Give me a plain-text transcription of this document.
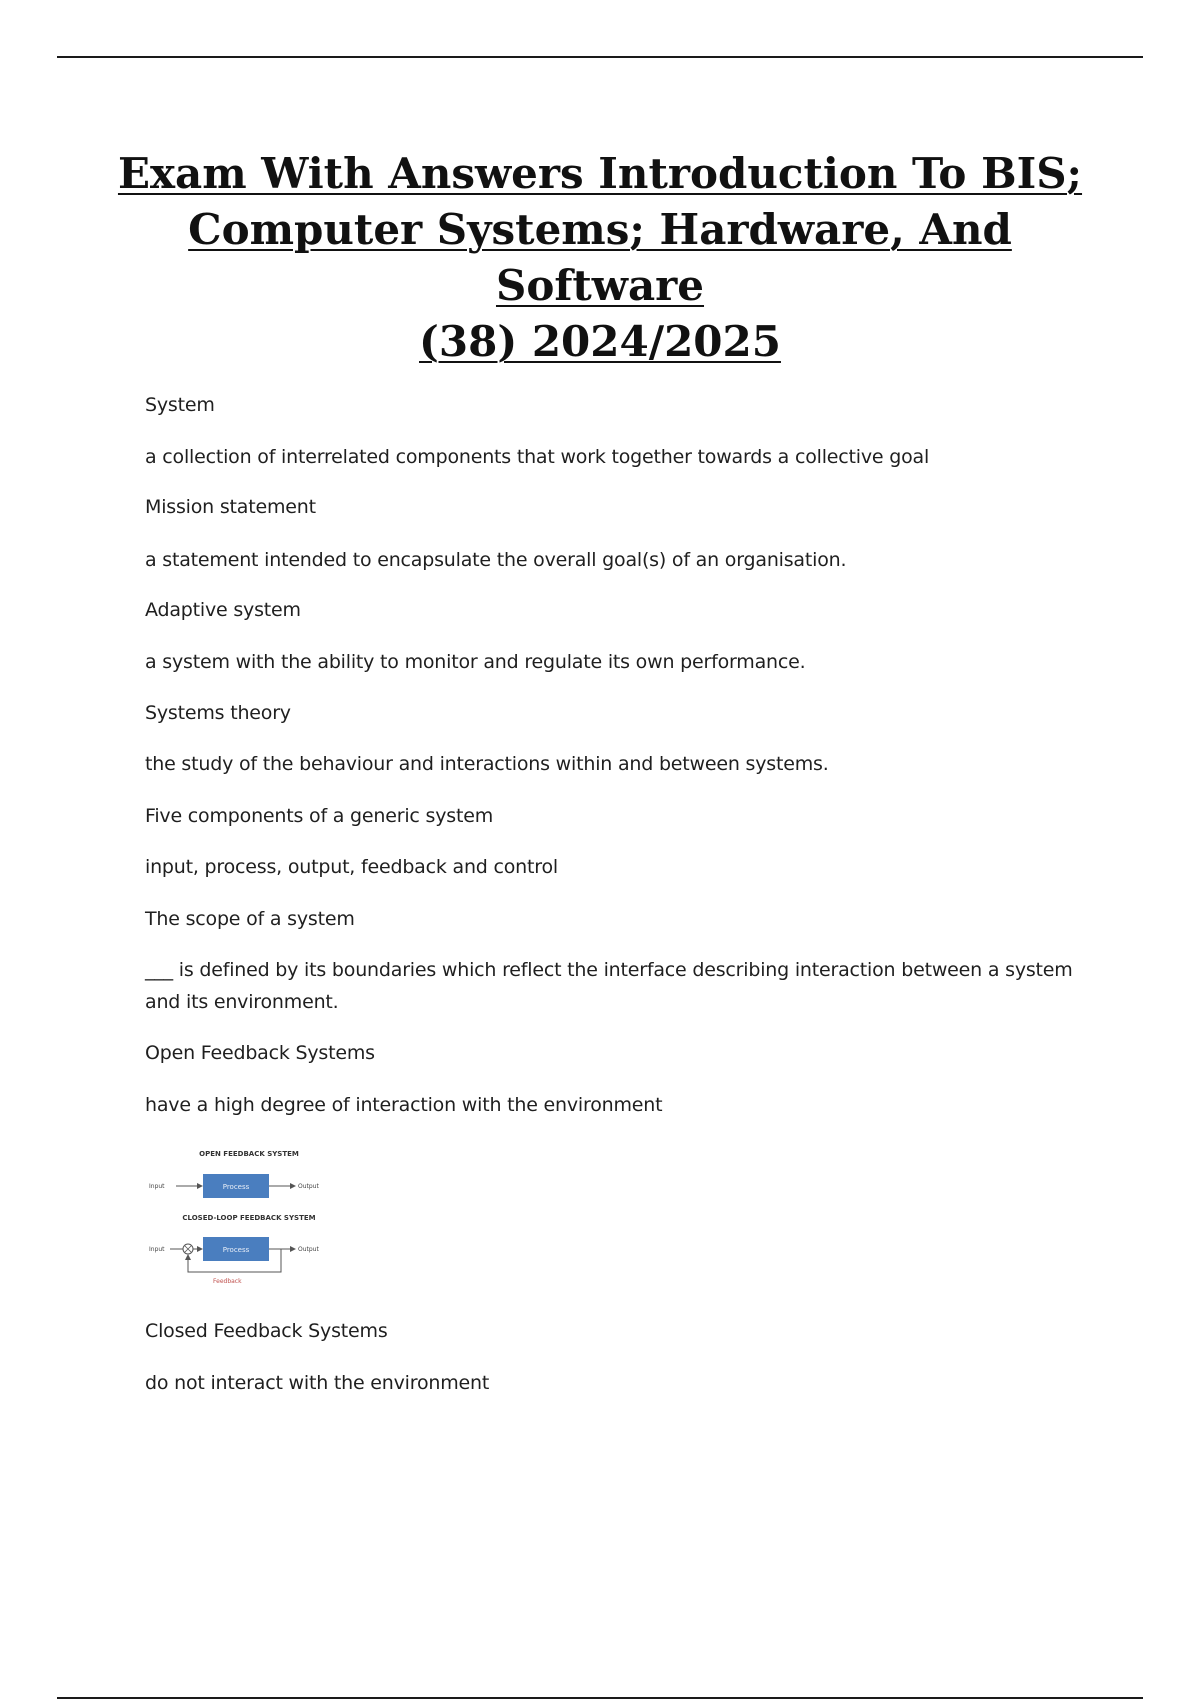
Exam With Answers Introduction To BIS;
Computer Systems; Hardware, And Software
(38) 2024/2025
System
a collection of interrelated components that work together towards a collective goal
Mission statement
a statement intended to encapsulate the overall goal(s) of an organisation.
Adaptive system
a system with the ability to monitor and regulate its own performance.
Systems theory
the study of the behaviour and interactions within and between systems.
Five components of a generic system
input, process, output, feedback and control
The scope of a system
___ is defined by its boundaries which reflect the interface describing interaction between a system and its environment.
Open Feedback Systems
have a high degree of interaction with the environment
Closed Feedback Systems
do not interact with the environment
OPEN FEEDBACK SYSTEM
Input	Process	Output
CLOSED-LOOP FEEDBACK SYSTEM
Input	Process	Output
Feedback
